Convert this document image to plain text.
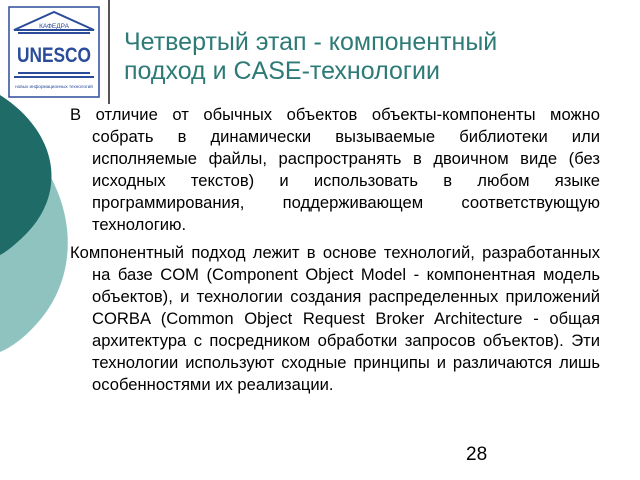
КАФЕДРА
UNESCO
новых информационных технологий
Четвертый этап - компонентный
подход и CASE-технологии

В отличие от обычных объектов объекты-компоненты можно собрать в динамически вызываемые библиотеки или исполняемые файлы, распространять в двоичном виде (без исходных текстов) и использовать в любом языке программирования, поддерживающем соответствующую технологию.

Компонентный подход лежит в основе технологий, разработанных на базе COM (Component Object Model - компонентная модель объектов), и технологии создания распределенных приложений CORBA (Common Object Request Broker Architecture - общая архитектура с посредником обработки запросов объектов). Эти технологии используют сходные принципы и различаются лишь особенностями их реализации.

28
